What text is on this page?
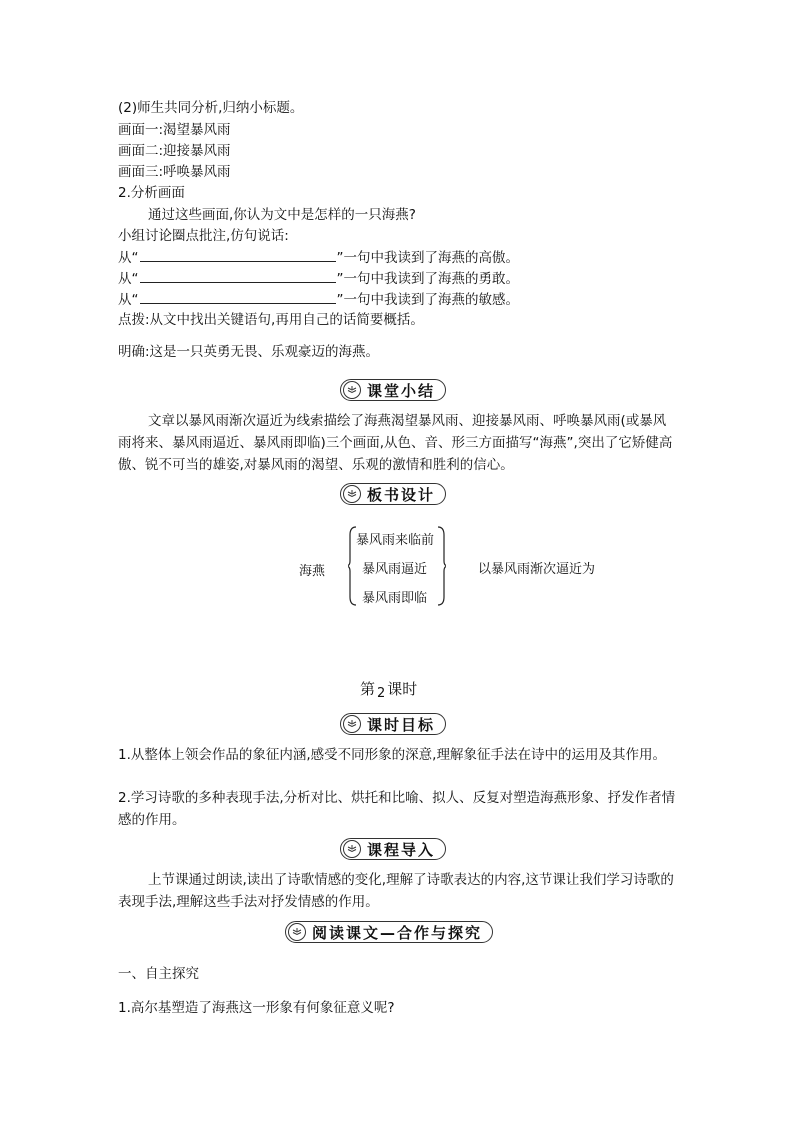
(2)师生共同分析,归纳小标题。
画面一:渴望暴风雨
画面二:迎接暴风雨
画面三:呼唤暴风雨
2.分析画面
通过这些画面,你认为文中是怎样的一只海燕?
小组讨论圈点批注,仿句说话:
从“	”一句中我读到了海燕的高傲。
从“	”一句中我读到了海燕的勇敢。
从“	”一句中我读到了海燕的敏感。
点拨:从文中找出关键语句,再用自己的话简要概括。
明确:这是一只英勇无畏、乐观豪迈的海燕。
课堂小结

文章以暴风雨渐次逼近为线索描绘了海燕渴望暴风雨、迎接暴风雨、呼唤暴风雨(或暴风雨将来、暴风雨逼近、暴风雨即临)三个画面,从色、音、形三方面描写“海燕”,突出了它矫健高傲、锐不可当的雄姿,对暴风雨的渴望、乐观的激情和胜利的信心。

板书设计
海燕
暴风雨来临前
暴风雨逼近
暴风雨即临
以暴风雨渐次逼近为
第 2 课时
课时目标
1.从整体上领会作品的象征内涵,感受不同形象的深意,理解象征手法在诗中的运用及其作用。
2.学习诗歌的多种表现手法,分析对比、烘托和比喻、拟人、反复对塑造海燕形象、抒发作者情感的作用。
课程导入

上节课通过朗读,读出了诗歌情感的变化,理解了诗歌表达的内容,这节课让我们学习诗歌的表现手法,理解这些手法对抒发情感的作用。

阅读课文—合作与探究
一、自主探究
1.高尔基塑造了海燕这一形象有何象征意义呢?
